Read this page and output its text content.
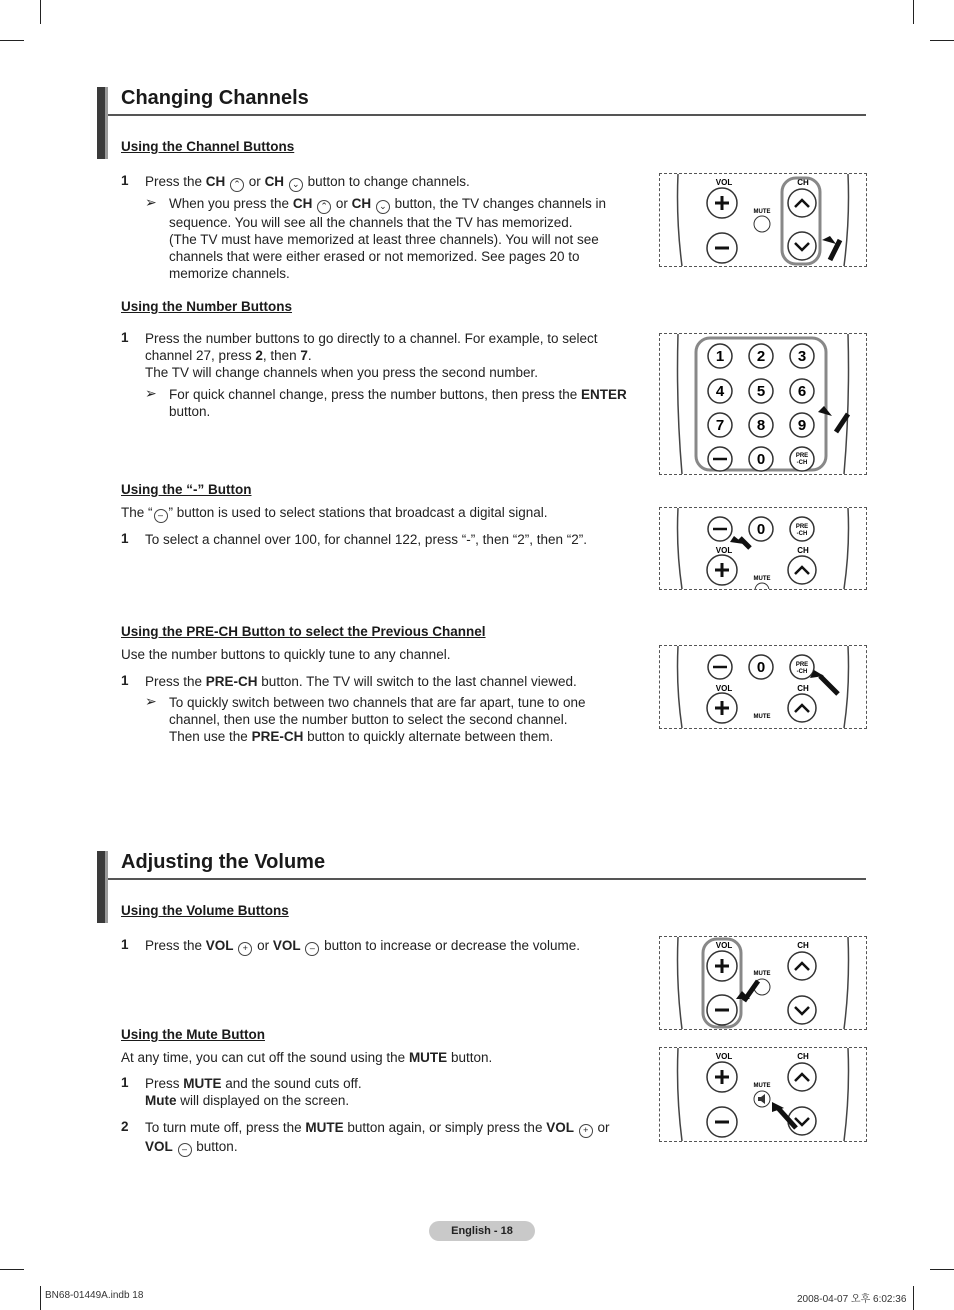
Changing Channels
Using the Channel Buttons
1 Press the CH ⌃ or CH ⌄ button to change channels.
➢ When you press the CH ⌃ or CH ⌄ button, the TV changes channels in
sequence. You will see all the channels that the TV has memorized.
(The TV must have memorized at least three channels). You will not see
channels that were either erased or not memorized. See pages 20 to
memorize channels.
VOL	CH
MUTE
Using the Number Buttons
1 Press the number buttons to go directly to a channel. For example, to select
channel 27, press 2, then 7.
The TV will change channels when you press the second number.
➢ For quick channel change, press the number buttons, then press the ENTER
button.
1 2 3
4 5 6
7 8 9
0	PRE
-CH
Using the “-” Button
The “ – ” button is used to select stations that broadcast a digital signal.
1 To select a channel over 100, for channel 122, press “-”, then “2”, then “2”.
0	PRE
-CH
VOL	CH
MUTE
Using the PRE-CH Button to select the Previous Channel
Use the number buttons to quickly tune to any channel.
1 Press the PRE-CH button. The TV will switch to the last channel viewed.
➢ To quickly switch between two channels that are far apart, tune to one
channel, then use the number button to select the second channel.
Then use the PRE-CH button to quickly alternate between them.
0	PRE
-CH
VOL	CH
MUTE
Adjusting the Volume
Using the Volume Buttons
1 Press the VOL + or VOL – button to increase or decrease the volume.	VOL	CH
MUTE
Using the Mute Button
At any time, you can cut off the sound using the MUTE button.
1 Press MUTE and the sound cuts off.
Mute will displayed on the screen.
2 To turn mute off, press the MUTE button again, or simply press the VOL + or
VOL – button.
VOL	CH
MUTE
English - 18
BN68-01449A.indb 18	2008-04-07 오후 6:02:36
